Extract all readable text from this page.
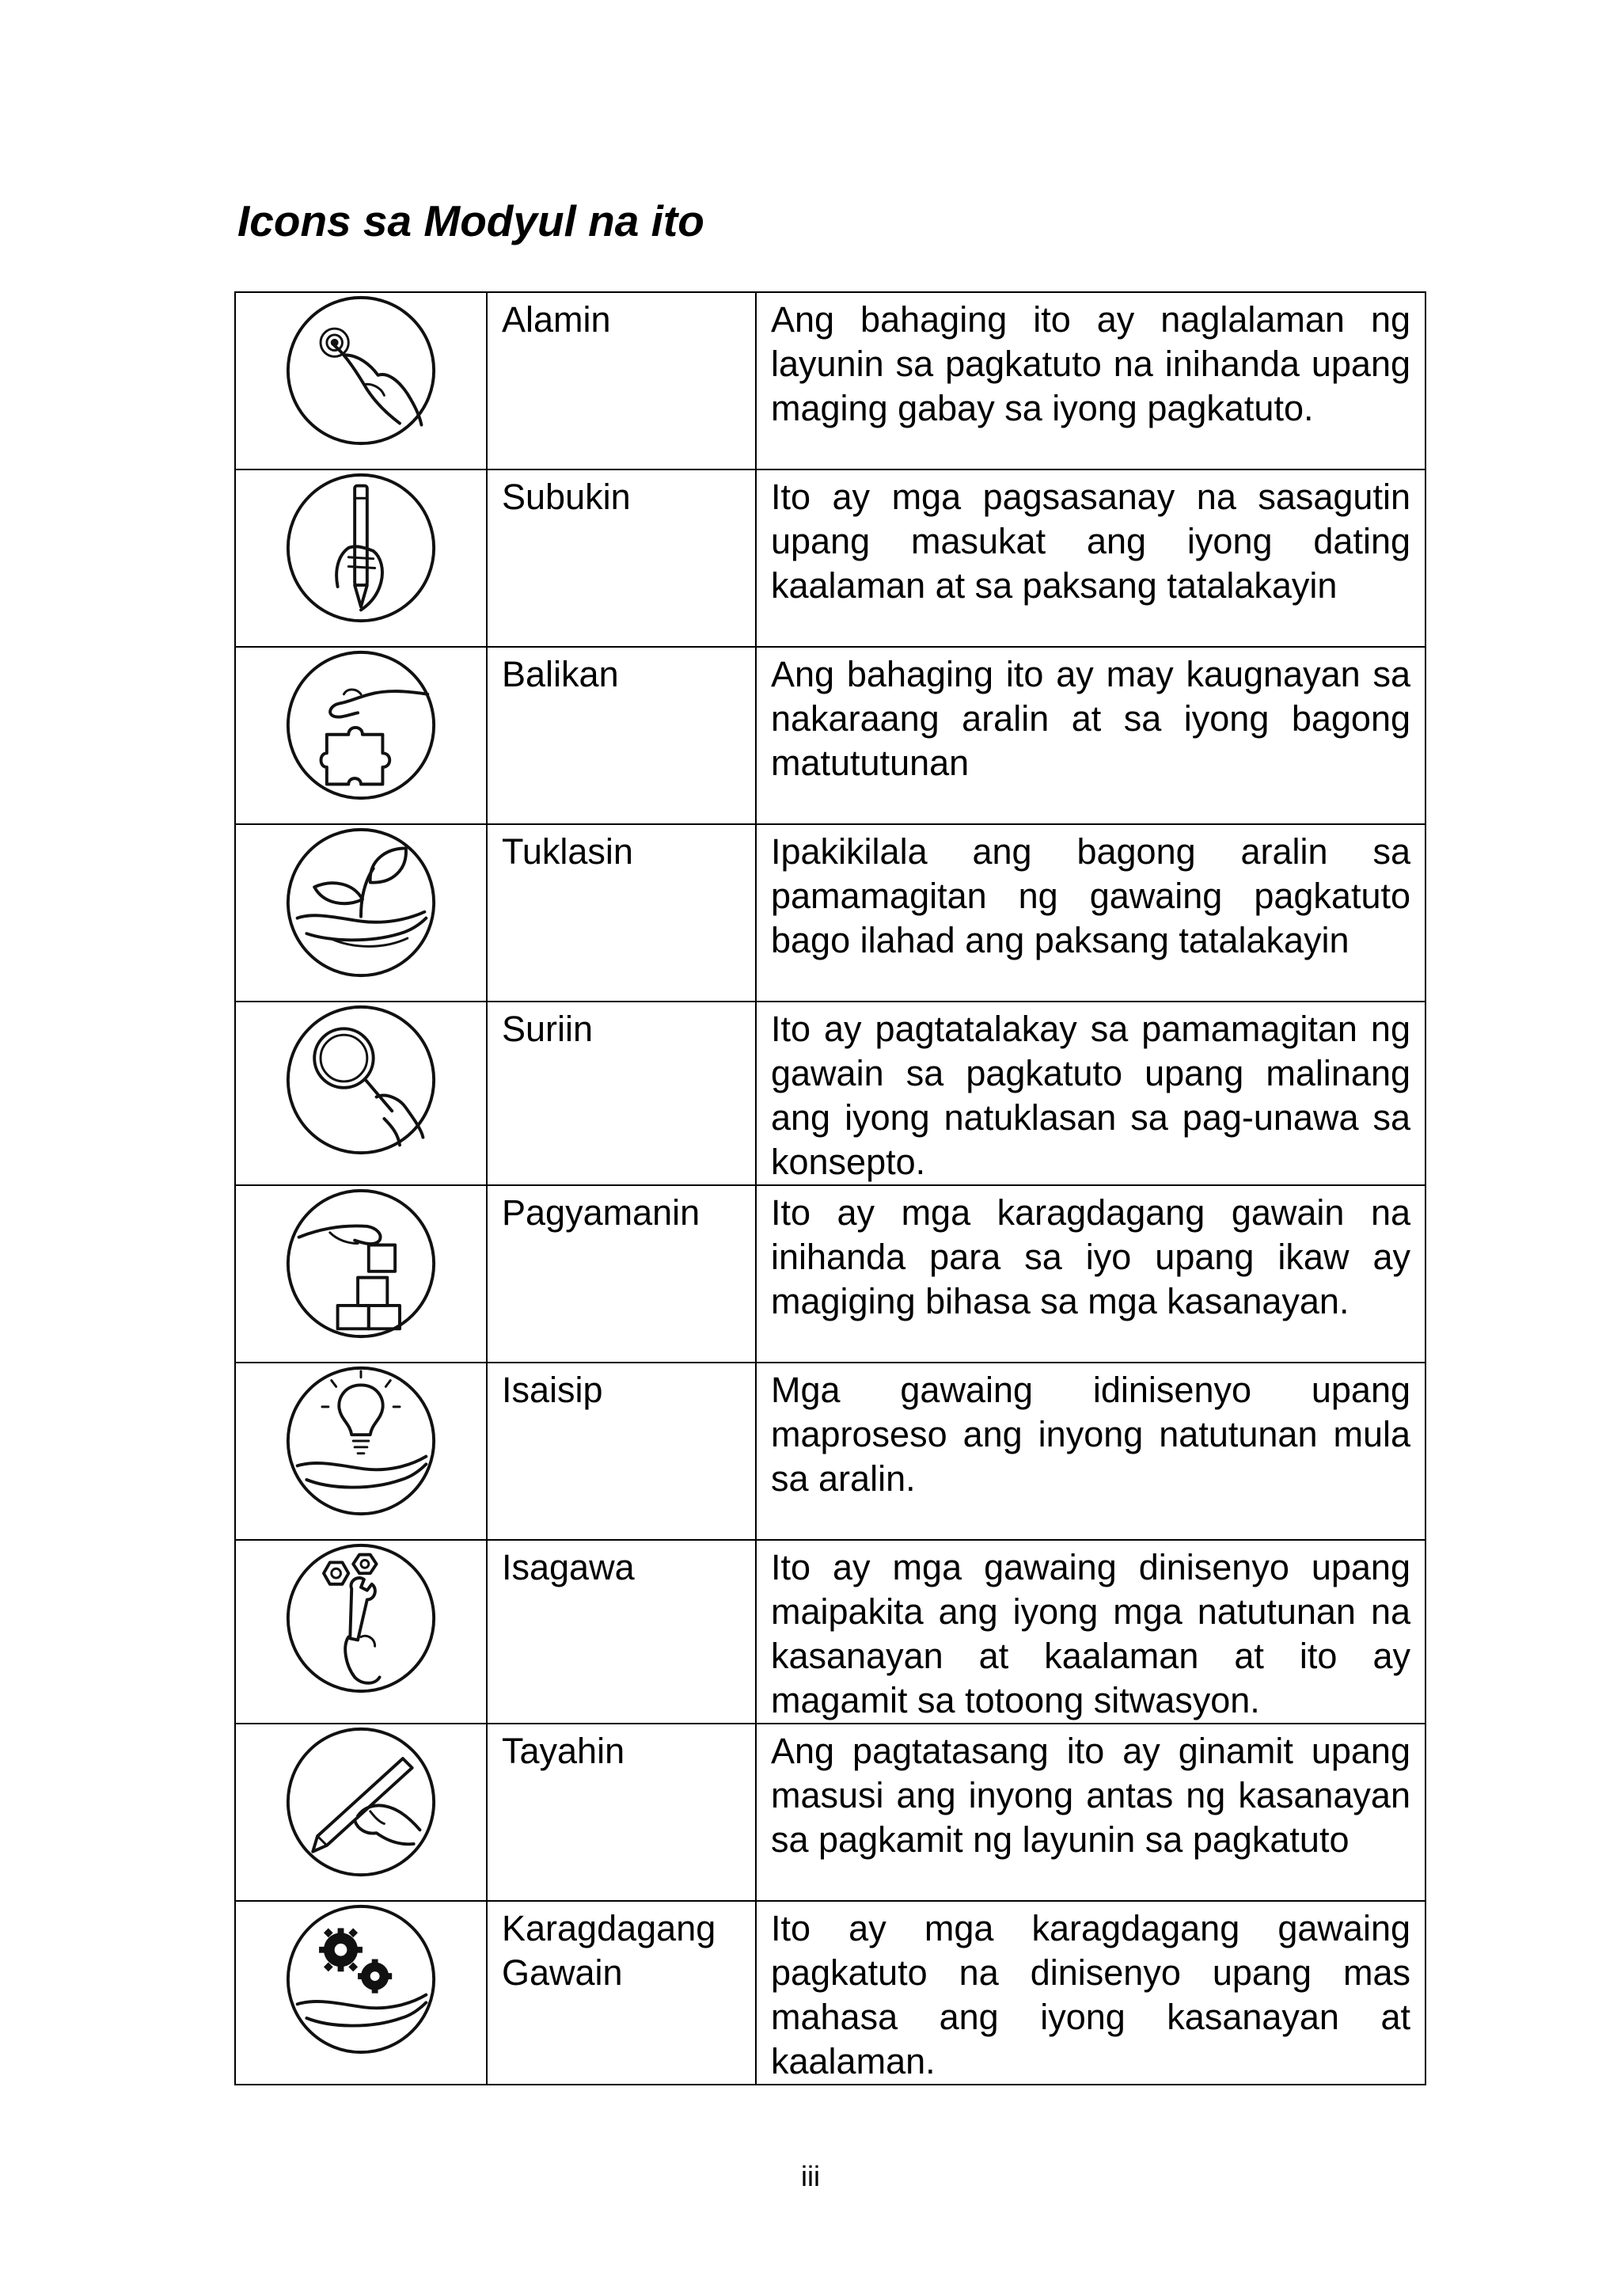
Icons sa Modyul na ito
	Alamin	Ang bahaging ito ay naglalaman ng layunin sa pagkatuto na inihanda upang maging gabay sa iyong pagkatuto.

	Subukin	Ito ay mga pagsasanay na sasagutin upang masukat ang iyong dating kaalaman at sa paksang tatalakayin

	Balikan	Ang bahaging ito ay may kaugnayan sa nakaraang aralin at sa iyong bagong matututunan

	Tuklasin	Ipakikilala ang bagong aralin sa pamamagitan ng gawaing pagkatuto bago ilahad ang paksang tatalakayin

	Suriin	Ito ay pagtatalakay sa pamamagitan ng gawain sa pagkatuto upang malinang ang iyong natuklasan sa pag-unawa sa konsepto.

	Pagyamanin	Ito ay mga karagdagang gawain na inihanda para sa iyo upang ikaw ay magiging bihasa sa mga kasanayan.

	Isaisip	Mga gawaing idinisenyo upang maproseso ang inyong natutunan mula sa aralin.

	Isagawa	Ito ay mga gawaing dinisenyo upang maipakita ang iyong mga natutunan na kasanayan at kaalaman at ito ay magamit sa totoong sitwasyon.

	Tayahin	Ang pagtatasang ito ay ginamit upang masusi ang inyong antas ng kasanayan sa pagkamit ng layunin sa pagkatuto

	Karagdagang Gawain	Ito ay mga karagdagang gawaing pagkatuto na dinisenyo upang mas mahasa ang iyong kasanayan at kaalaman.
iii
